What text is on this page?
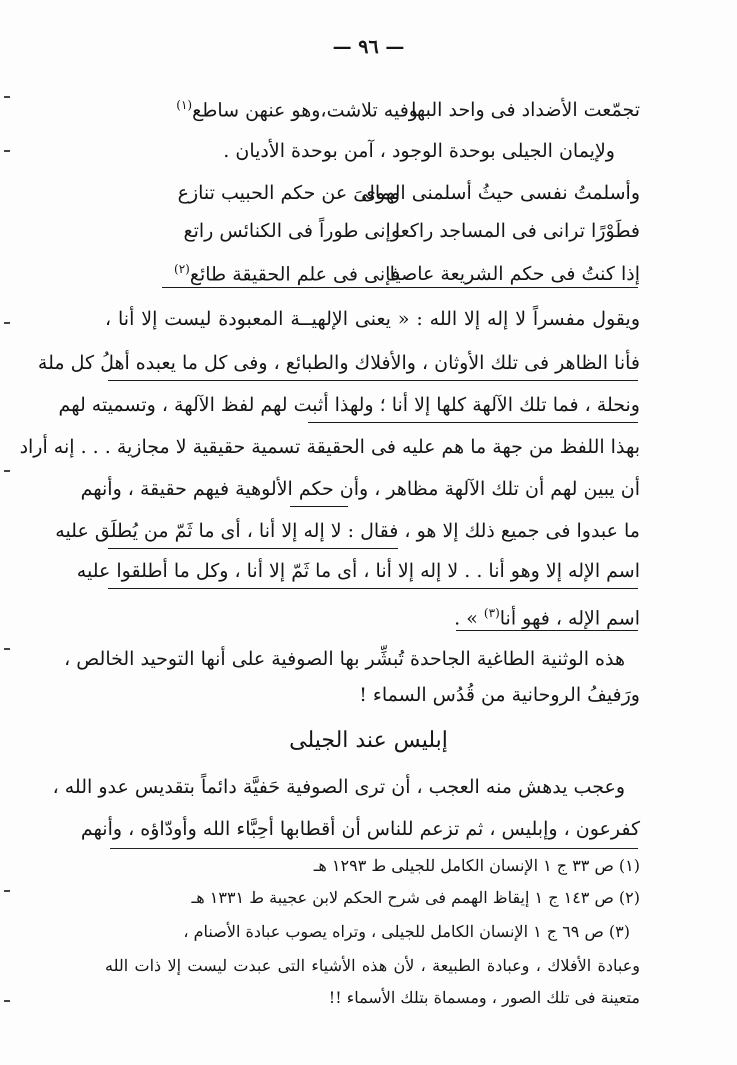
— ٩٦ —
تجمّعت الأضداد فى واحد البهاوفيه تلاشت،وهو عنهن ساطع$^{(١)}$
ولإيمان الجيلى بوحدة الوجود ، آمن بوحدة الأديان .
وأسلمتُ نفسى حيثُ أسلمنى الهوىومالىَ عن حكم الحبيب تنازع
فطَوْرًا ترانى فى المساجد راكعاوإنى طوراً فى الكنائس راتع
إذا كنتُ فى حكم الشريعة عاصيافإنى فى علم الحقيقة طائع$^{(٢)}$
ويقول مفسراً لا إله إلا الله : « يعنى الإلهيــة المعبودة ليست إلا أنا ،
فأنا الظاهر فى تلك الأوثان ، والأفلاك والطبائع ، وفى كل ما يعبده أهلُ كل ملة
ونحلة ، فما تلك الآلهة كلها إلا أنا ؛ ولهذا أثبت لهم لفظ الآلهة ، وتسميته لهم
بهذا اللفظ من جهة ما هم عليه فى الحقيقة تسمية حقيقية لا مجازية . . . إنه أراد
أن يبين لهم أن تلك الآلهة مظاهر ، وأن حكم الألوهية فيهم حقيقة ، وأنهم
ما عبدوا فى جميع ذلك إلا هو ، فقال : لا إله إلا أنا ، أى ما ثَمّ من يُطلَق عليه
اسم الإله إلا وهو أنا . . لا إله إلا أنا ، أى ما ثَمّ إلا أنا ، وكل ما أطلقوا عليه
اسم الإله ، فهو أنا$^{(٣)}$ » .
هذه الوثنية الطاغية الجاحدة تُبشِّر بها الصوفية على أنها التوحيد الخالص ،
ورَفيفُ الروحانية من قُدُس السماء !
إبليس عند الجيلى
وعجب يدهش منه العجب ، أن ترى الصوفية حَفيَّة دائماً بتقديس عدو الله ،
كفرعون ، وإبليس ، ثم تزعم للناس أن أقطابها أحِبَّاء الله وأودّاؤه ، وأنهم
(١) ص ٣٣ ج ١ الإنسان الكامل للجيلى ط ١٢٩٣ هـ
(٢) ص ١٤٣ ج ١ إيقاظ الهمم فى شرح الحكم لابن عجيبة ط ١٣٣١ هـ
(٣) ص ٦٩ ج ١ الإنسان الكامل للجيلى ، وتراه يصوب عبادة الأصنام ،
وعبادة الأفلاك ، وعبادة الطبيعة ، لأن هذه الأشياء التى عبدت ليست إلا ذات الله
متعينة فى تلك الصور ، ومسماة بتلك الأسماء !!
